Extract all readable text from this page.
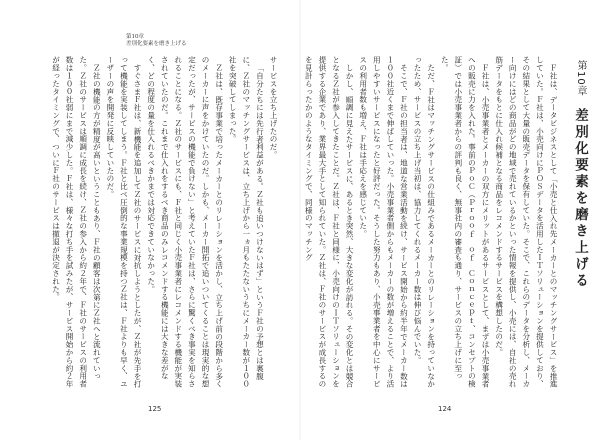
第10章
差別化要素を磨き上げる

サービスを立ち上げたのだ。

「自分たちには先行者利益がある。Ｚ社も追いつけないはず」というＦ社の予想とは裏腹に、Ｚ社のマッチングサービスは、立ち上げから一ヵ月もたたないうちにメーカー数が１００社を突破してしまった。

Ｚ社は、既存事業で培ったメーカーとのリレーションを活かし、立ち上げ前の段階から多くのメーカーに声をかけていたのだ。しかも、メーカー開拓で追いついてくることは現実的な想定だったが、サービスの機能で負けない」と考えていたＦ社は、さらに驚くべき事実を知らされることになる。Ｚ社のサービスにも、Ｆ社と同じく小売事業者にレコメンドする機能が実装されていたのだ。これまで仕入れをするべき商品のみレコメンドする機能には大きな差がなく、どの程度の量を仕入れるべきかまでは対応できていなかった。

すぐさまＦ社は、新機能を追加してＺ社のサービスに対抗しようとしたが、Ｚ社が先手を打って機能を実装してしまう。Ｆ社と比べ圧倒的な事業規模を持つＺ社は、Ｆ社よりも早く、ユーザーの声を開発に反映していたのだ。

Ｚ社の機能の方が精度が高いということもあり、Ｆ社の顧客は次第にＺ社へと流れていった。Ｚ社のサービスは順調に成長を続け、Ｚ社の参入から約２年で、Ｆ社のサービスの利用者数は１００社弱にまで減少した。Ｆ社は、様々な打ち手を試みたが、サービス開始から約２年が経ったタイミングで、ついにＦ社のサービスは撤退が決定された。

125
第10章 差別化要素を磨き上げる

Ｆ社は、データビジネスとして「小売と仕入れ先メーカーとのマッチングサービス」を推進していた。Ｆ社は、小売向けにＰＯＳデータを活用したＩＴソリューションを提供しており、その結果として大量の販売データを保有していた。そこで、これらのデータを分析し、メーカー向けにはどの商品がどの地域で売れているかといった情報を提供し、小売には、自社の売れ筋データをもとに仕入れ候補となる商品をレコメンドするサービスを構想したのだ。

Ｆ社は、小売事業者とメーカーの双方にメリットがあるサービスとして、まずは小売事業者への販売に力を入れた。事前のＰｏＣ（Ｐｒｏｏｆ　ｏｆ　Ｃｏｎｃｅｐｔ、コンセプトの検証）では小売事業者からの評判も良く、無事社内の審査も通り、サービスの立ち上げに至った。

ただ、Ｆ社はマッチングサービスの仕組みであるメーカーとのリレーションを持っていなかったため、サービスの立ち上げ当初は、協力してくれるメーカー数は伸び悩んでいた。

そこで、Ｆ社の担当者は、地道な営業活動を続け、サービス開始から約半年でメーカー数は１００社近くまで伸ばしていった。小売事業者側からもメーカーの数が増えることで、より活用しやすいサービスになったと好評だった。そうした努力もあり、小売事業者を中心にサービスの利用者数も増え、Ｆ社は手応えを感じていた。

しかし、順調に見えたサービスに、あるとき突然、大きな変化が訪れる。その変化とは競合となるＺ社が参入してきたことだ。Ｚ社は、Ｆ社と同様に、小売向けのＩＴソリューションを提供する企業であり、業界最大手として知られていた。Ｚ社は、Ｆ社のサービスが成長するのを見計らったかのようなタイミングで、同様のマッチング

124
